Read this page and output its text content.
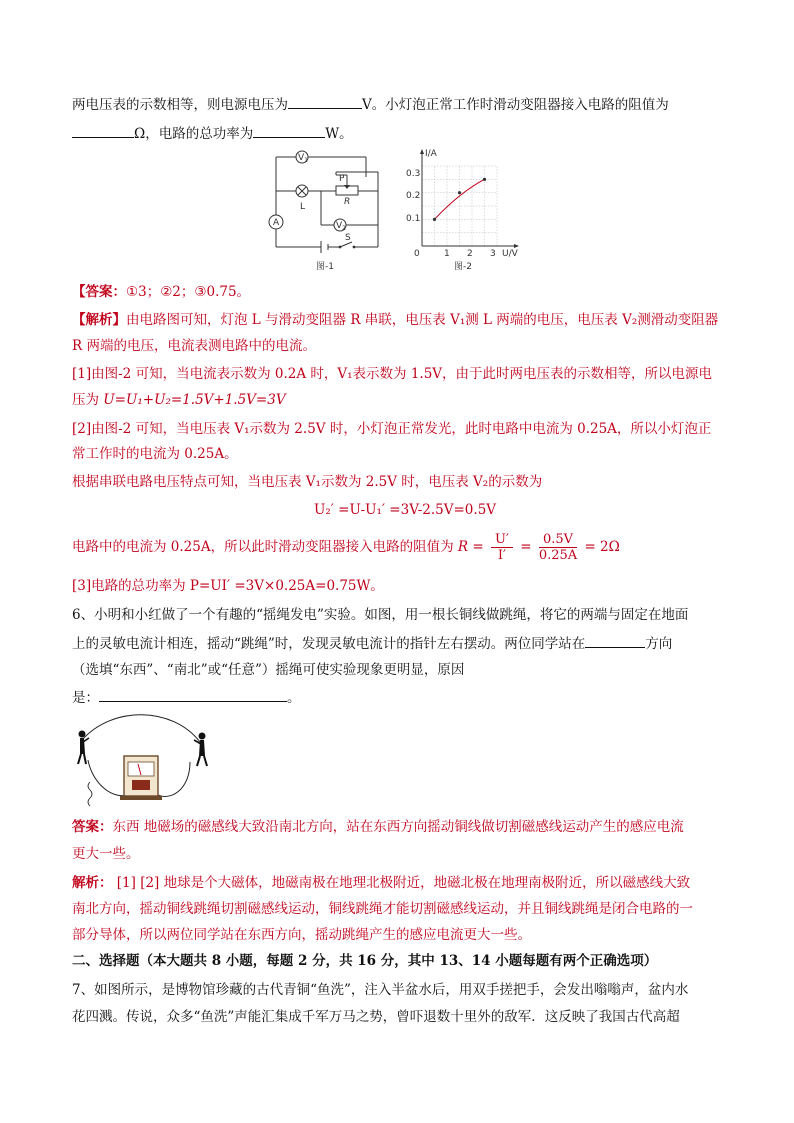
两电压表的示数相等，则电源电压为	V。小灯泡正常工作时滑动变阻器接入电路的阻值为
Ω，电路的总功率为	W。
$V_1$
L
A	$V_2$
P
R
S
图-1
I/A
U/V
0.3
0.2
0.1
0	1 2 3
图-2
【答案：①3；②2；③0.75。
【解析】由电路图可知，灯泡 L 与滑动变阻器 R 串联，电压表 V₁测 L 两端的电压，电压表 V₂测滑动变阻器
R 两端的电压，电流表测电路中的电流。
[1]由图-2 可知，当电流表示数为 0.2A 时，V₁表示数为 1.5V，由于此时两电压表的示数相等，所以电源电
压为 U=U₁+U₂=1.5V+1.5V=3V
[2]由图-2 可知，当电压表 V₁示数为 2.5V 时，小灯泡正常发光，此时电路中电流为 0.25A，所以小灯泡正
常工作时的电流为 0.25A。
根据串联电路电压特点可知，当电压表 V₁示数为 2.5V 时，电压表 V₂的示数为
U₂′ =U-U₁′ =3V-2.5V=0.5V
电路中的电流为 0.25A，所以此时滑动变阻器接入电路的阻值为 $R = \frac{U'}{I'} = \frac{0.5V}{0.25A} = 2\Omega$
[3]电路的总功率为 P=UI′ =3V×0.25A=0.75W。
6、小明和小红做了一个有趣的“摇绳发电”实验。如图，用一根长铜线做跳绳，将它的两端与固定在地面
上的灵敏电流计相连，摇动“跳绳”时，发现灵敏电流计的指针左右摆动。两位同学站在	方向
（选填“东西”、“南北”或“任意”）摇绳可使实验现象更明显，原因
是：	。
答案：东西 地磁场的磁感线大致沿南北方向，站在东西方向摇动铜线做切割磁感线运动产生的感应电流
更大一些。
解析： [1] [2] 地球是个大磁体，地磁南极在地理北极附近，地磁北极在地理南极附近，所以磁感线大致
南北方向，摇动铜线跳绳切割磁感线运动，铜线跳绳才能切割磁感线运动，并且铜线跳绳是闭合电路的一
部分导体，所以两位同学站在东西方向，摇动跳绳产生的感应电流更大一些。
二、选择题（本大题共 8 小题，每题 2 分，共 16 分，其中 13、14 小题每题有两个正确选项）
7、如图所示，是博物馆珍藏的古代青铜“鱼洗”，注入半盆水后，用双手搓把手，会发出嗡嗡声，盆内水
花四溅。传说，众多“鱼洗”声能汇集成千军万马之势，曾吓退数十里外的敌军．这反映了我国古代高超
